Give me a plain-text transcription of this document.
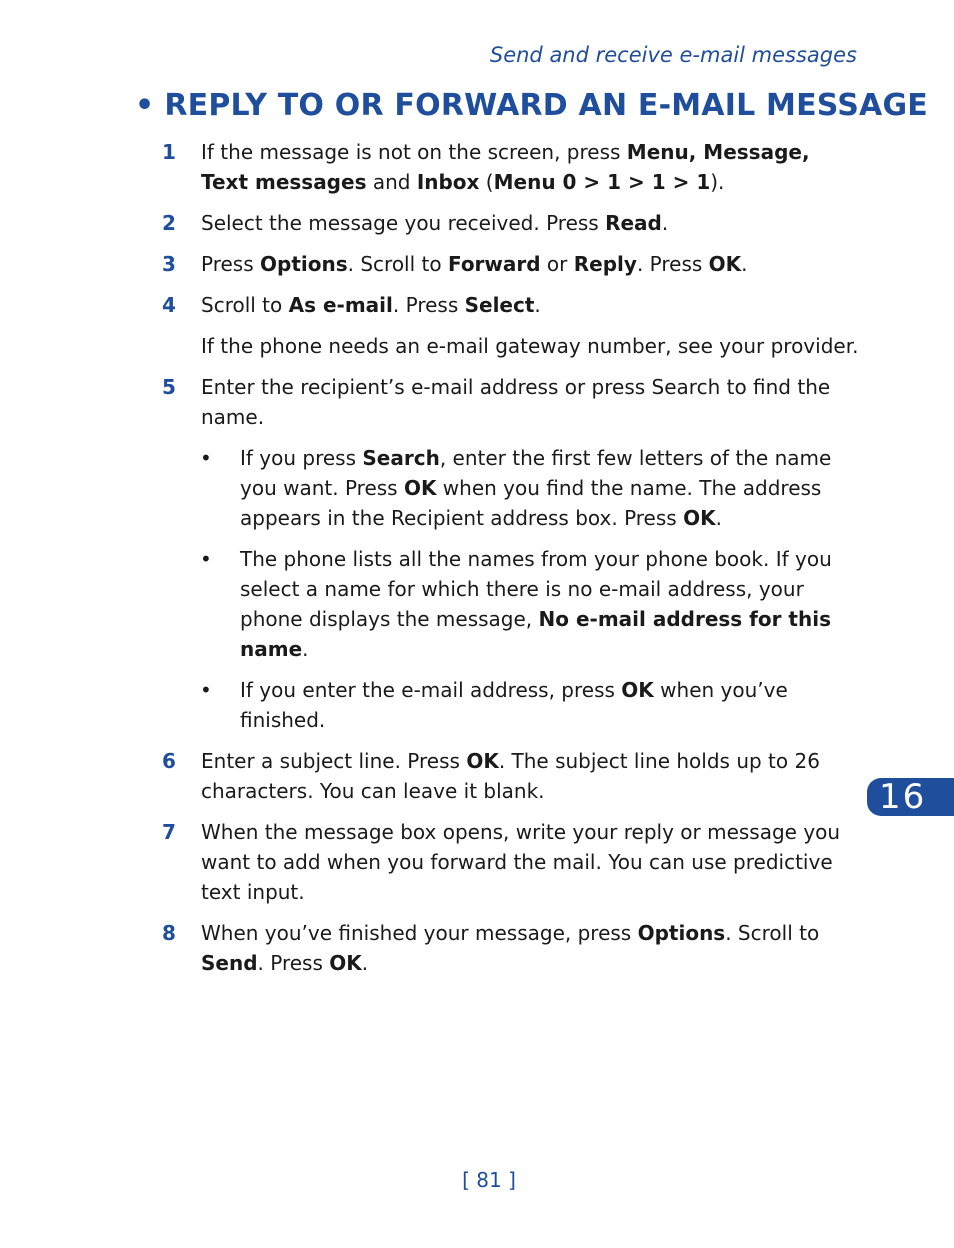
Send and receive e-mail messages
• REPLY TO OR FORWARD AN E-MAIL MESSAGE
1 If the message is not on the screen, press Menu, Message, Text messages and Inbox (Menu 0 > 1 > 1 > 1).
2 Select the message you received. Press Read.
3 Press Options. Scroll to Forward or Reply. Press OK.
4 Scroll to As e-mail. Press Select.
If the phone needs an e-mail gateway number, see your provider.
5 Enter the recipient’s e-mail address or press Search to find the name.
• If you press Search, enter the first few letters of the name you want. Press OK when you find the name. The address appears in the Recipient address box. Press OK.
• The phone lists all the names from your phone book. If you select a name for which there is no e-mail address, your phone displays the message, No e-mail address for this name.
• If you enter the e-mail address, press OK when you’ve finished.
6 Enter a subject line. Press OK. The subject line holds up to 26 characters. You can leave it blank.
7 When the message box opens, write your reply or message you want to add when you forward the mail. You can use predictive text input.
8 When you’ve finished your message, press Options. Scroll to Send. Press OK.
16
[ 81 ]
